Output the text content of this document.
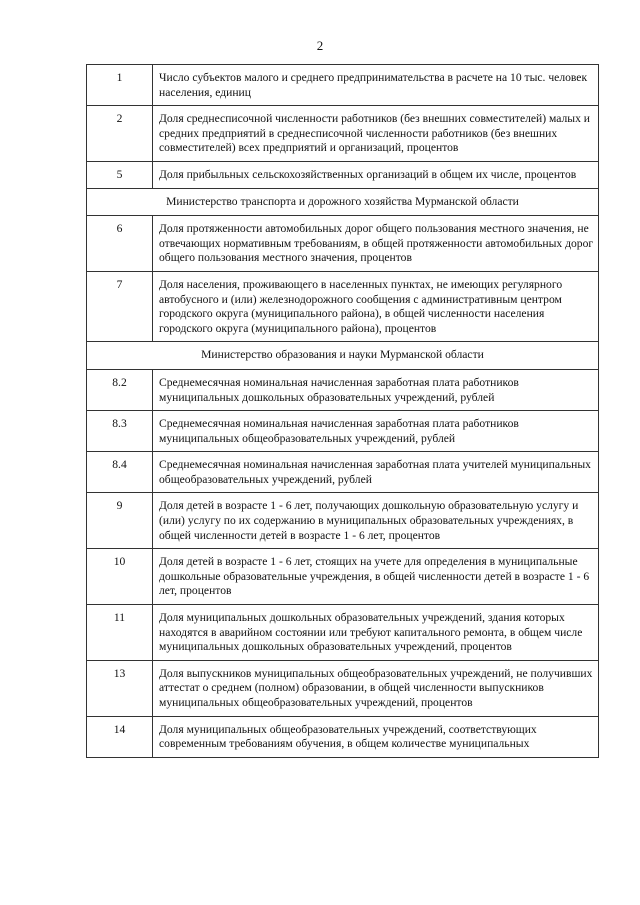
2
1	Число субъектов малого и среднего предпринимательства в расчете на 10 тыс. человек населения, единиц
2	Доля среднесписочной численности работников (без внешних совместителей) малых и средних предприятий в среднесписочной численности работников (без внешних совместителей) всех предприятий и организаций, процентов
5	Доля прибыльных сельскохозяйственных организаций в общем их числе, процентов
Министерство транспорта и дорожного хозяйства Мурманской области	
6	Доля протяженности автомобильных дорог общего пользования местного значения, не отвечающих нормативным требованиям, в общей протяженности автомобильных дорог общего пользования местного значения, процентов
7	Доля населения, проживающего в населенных пунктах, не имеющих регулярного автобусного и (или) железнодорожного сообщения с административным центром городского округа (муниципального района), в общей численности населения городского округа (муниципального района), процентов
Министерство образования и науки Мурманской области	
8.2	Среднемесячная номинальная начисленная заработная плата работников муниципальных дошкольных образовательных учреждений, рублей
8.3	Среднемесячная номинальная начисленная заработная плата работников муниципальных общеобразовательных учреждений, рублей
8.4	Среднемесячная номинальная начисленная заработная плата учителей муниципальных общеобразовательных учреждений, рублей
9	Доля детей в возрасте 1 - 6 лет, получающих дошкольную образовательную услугу и (или) услугу по их содержанию в муниципальных образовательных учреждениях, в общей численности детей в возрасте 1 - 6 лет, процентов
10	Доля детей в возрасте 1 - 6 лет, стоящих на учете для определения в муниципальные дошкольные образовательные учреждения, в общей численности детей в возрасте 1 - 6 лет, процентов
11	Доля муниципальных дошкольных образовательных учреждений, здания которых находятся в аварийном состоянии или требуют капитального ремонта, в общем числе муниципальных дошкольных образовательных учреждений, процентов
13	Доля выпускников муниципальных общеобразовательных учреждений, не получивших аттестат о среднем (полном) образовании, в общей численности выпускников муниципальных общеобразовательных учреждений, процентов
14	Доля муниципальных общеобразовательных учреждений, соответствующих современным требованиям обучения, в общем количестве муниципальных
